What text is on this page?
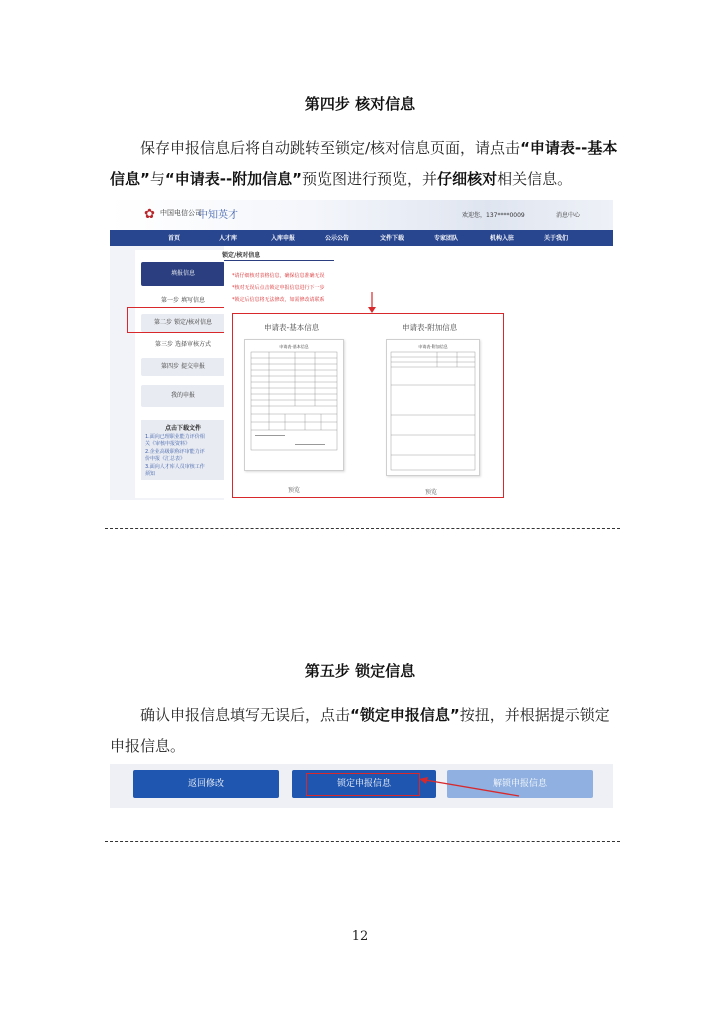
第四步 核对信息
保存申报信息后将自动跳转至锁定/核对信息页面，请点击“申请表--基本信息”与“申请表--附加信息”预览图进行预览，并仔细核对相关信息。
✿ 中国电信公司
中知英才	欢迎您，137****0009	消息中心
首页	人才库	入库申报	公示公告	文件下载	专家团队	机构入驻	关于我们
填报信息
第一步 填写信息
第二步 锁定/核对信息
第三步 选择审核方式
第四步 提交申报
我的申报
点击下载文件
1.面向已理职业能力评价相
关《审核申报资料》
2.企业高级职称评审能力评
价申报《汇总表》
3.面向人才库人员审核工作
须知
*请仔细核对表格信息，确保信息准确无误
*核对无误后点击锁定申报信息进行下一步
*锁定后信息将无法修改，如需修改请联系
锁定/核对信息
申请表-基本信息	申请表-附加信息
申请表-基本信息	申请表-附加信息
预览	预览
第五步 锁定信息
确认申报信息填写无误后，点击“锁定申报信息”按扭，并根据提示锁定申报信息。
返回修改	锁定申报信息	解锁申报信息
12
